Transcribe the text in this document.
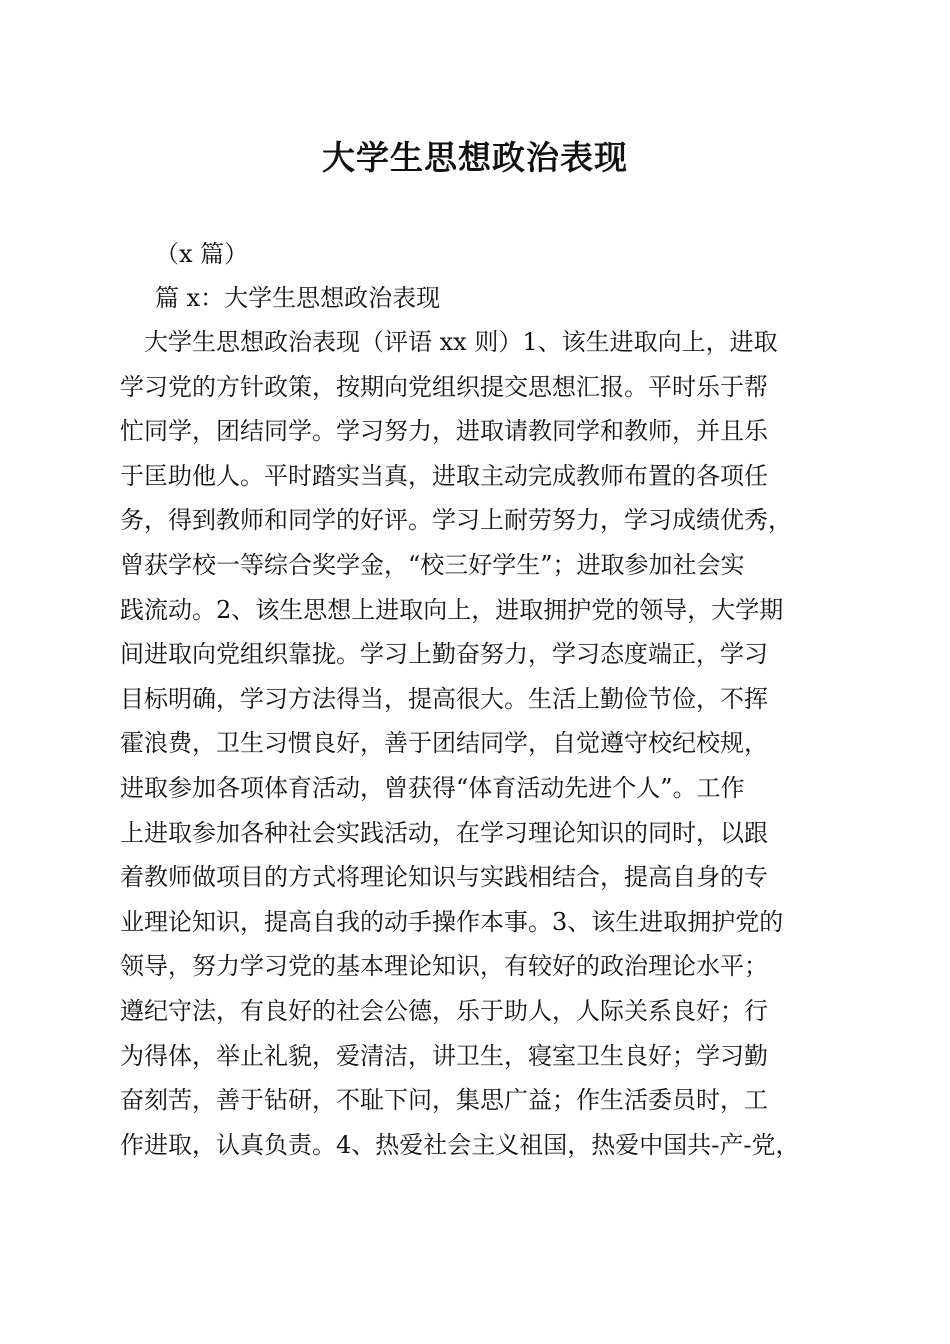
大学生思想政治表现
（x 篇）
篇 x：大学生思想政治表现
　大学生思想政治表现（评语 xx 则）1、该生进取向上，进取
学习党的方针政策，按期向党组织提交思想汇报。平时乐于帮
忙同学，团结同学。学习努力，进取请教同学和教师，并且乐
于匡助他人。平时踏实当真，进取主动完成教师布置的各项任
务，得到教师和同学的好评。学习上耐劳努力，学习成绩优秀，
曾获学校一等综合奖学金，“校三好学生”；进取参加社会实
践流动。2、该生思想上进取向上，进取拥护党的领导，大学期
间进取向党组织靠拢。学习上勤奋努力，学习态度端正，学习
目标明确，学习方法得当，提高很大。生活上勤俭节俭，不挥
霍浪费，卫生习惯良好，善于团结同学，自觉遵守校纪校规，
进取参加各项体育活动，曾获得“体育活动先进个人”。工作
上进取参加各种社会实践活动，在学习理论知识的同时，以跟
着教师做项目的方式将理论知识与实践相结合，提高自身的专
业理论知识，提高自我的动手操作本事。3、该生进取拥护党的
领导，努力学习党的基本理论知识，有较好的政治理论水平；
遵纪守法，有良好的社会公德，乐于助人，人际关系良好；行
为得体，举止礼貌，爱清洁，讲卫生，寝室卫生良好；学习勤
奋刻苦，善于钻研，不耻下问，集思广益；作生活委员时，工
作进取，认真负责。4、热爱社会主义祖国，热爱中国共-产-党，
